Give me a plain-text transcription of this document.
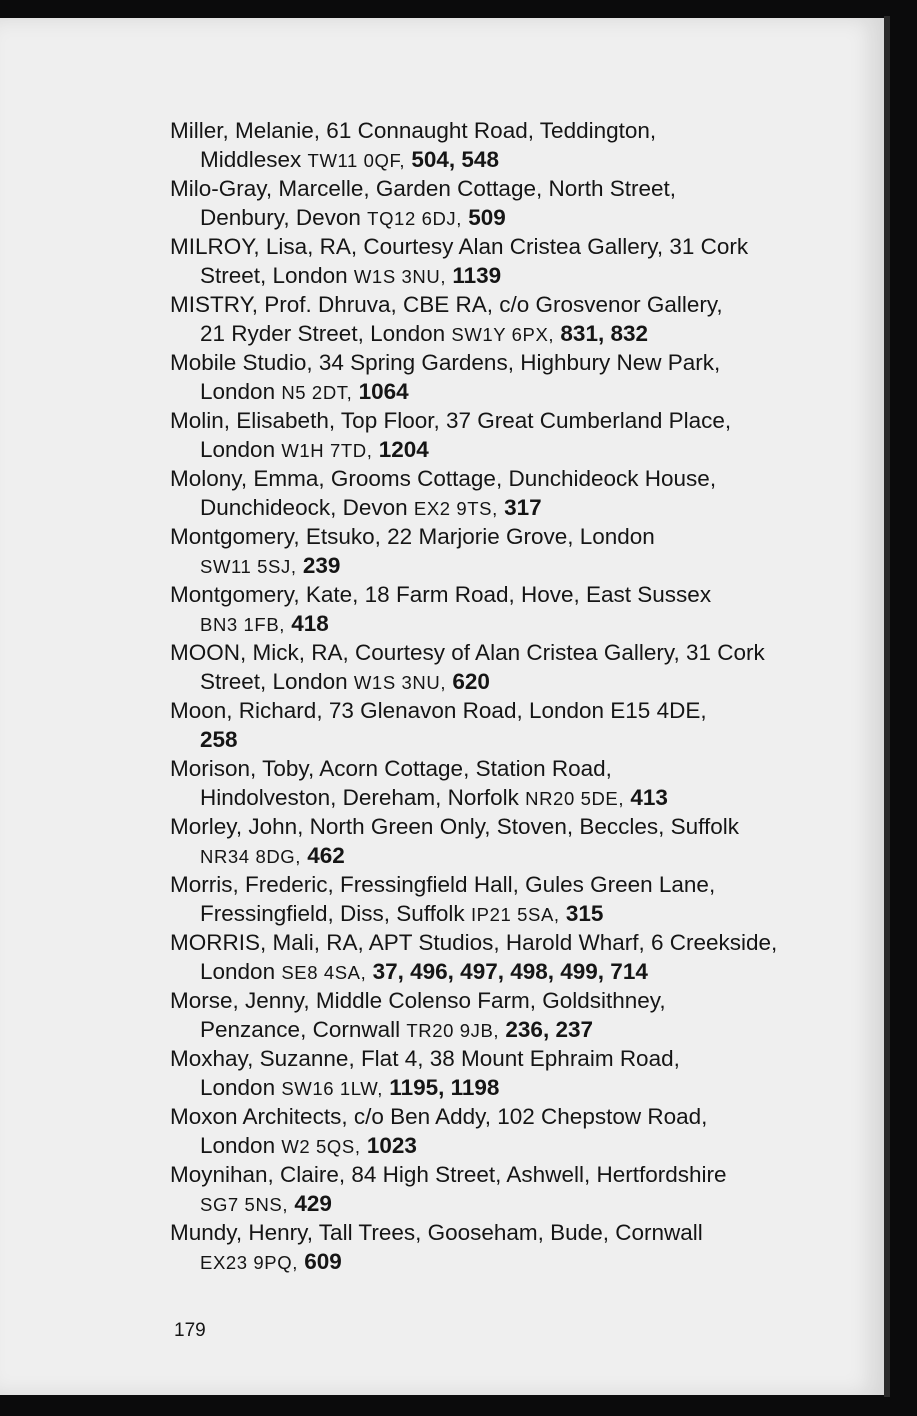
Miller, Melanie, 61 Connaught Road, Teddington,
Middlesex TW11 0QF, 504, 548
Milo-Gray, Marcelle, Garden Cottage, North Street,
Denbury, Devon TQ12 6DJ, 509
MILROY, Lisa, RA, Courtesy Alan Cristea Gallery, 31 Cork
Street, London W1S 3NU, 1139
MISTRY, Prof. Dhruva, CBE RA, c/o Grosvenor Gallery,
21 Ryder Street, London SW1Y 6PX, 831, 832
Mobile Studio, 34 Spring Gardens, Highbury New Park,
London N5 2DT, 1064
Molin, Elisabeth, Top Floor, 37 Great Cumberland Place,
London W1H 7TD, 1204
Molony, Emma, Grooms Cottage, Dunchideock House,
Dunchideock, Devon EX2 9TS, 317
Montgomery, Etsuko, 22 Marjorie Grove, London
SW11 5SJ, 239
Montgomery, Kate, 18 Farm Road, Hove, East Sussex
BN3 1FB, 418
MOON, Mick, RA, Courtesy of Alan Cristea Gallery, 31 Cork
Street, London W1S 3NU, 620
Moon, Richard, 73 Glenavon Road, London E15 4DE,
258
Morison, Toby, Acorn Cottage, Station Road,
Hindolveston, Dereham, Norfolk NR20 5DE, 413
Morley, John, North Green Only, Stoven, Beccles, Suffolk
NR34 8DG, 462
Morris, Frederic, Fressingfield Hall, Gules Green Lane,
Fressingfield, Diss, Suffolk IP21 5SA, 315
MORRIS, Mali, RA, APT Studios, Harold Wharf, 6 Creekside,
London SE8 4SA, 37, 496, 497, 498, 499, 714
Morse, Jenny, Middle Colenso Farm, Goldsithney,
Penzance, Cornwall TR20 9JB, 236, 237
Moxhay, Suzanne, Flat 4, 38 Mount Ephraim Road,
London SW16 1LW, 1195, 1198
Moxon Architects, c/o Ben Addy, 102 Chepstow Road,
London W2 5QS, 1023
Moynihan, Claire, 84 High Street, Ashwell, Hertfordshire
SG7 5NS, 429
Mundy, Henry, Tall Trees, Gooseham, Bude, Cornwall
EX23 9PQ, 609
179
